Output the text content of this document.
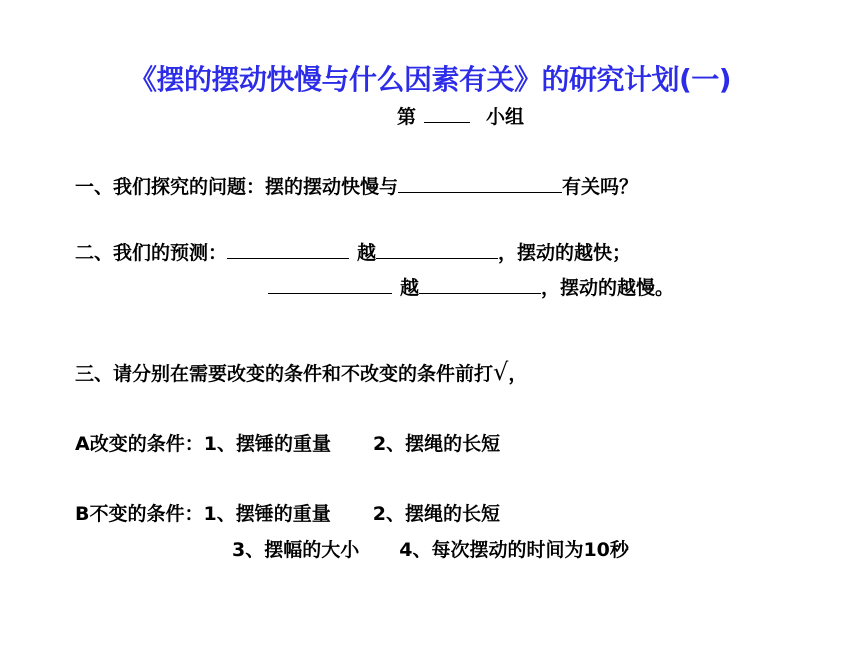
《摆的摆动快慢与什么因素有关》的研究计划(一)
第	小组
一、我们探究的问题：摆的摆动快慢与	有关吗？
二、我们的预测：	越	，摆动的越快；
越	，摆动的越慢。
三、请分别在需要改变的条件和不改变的条件前打√，
A改变的条件：1、摆锤的重量 2、摆绳的长短
B不变的条件：1、摆锤的重量 2、摆绳的长短
3、摆幅的大小 4、每次摆动的时间为10秒
